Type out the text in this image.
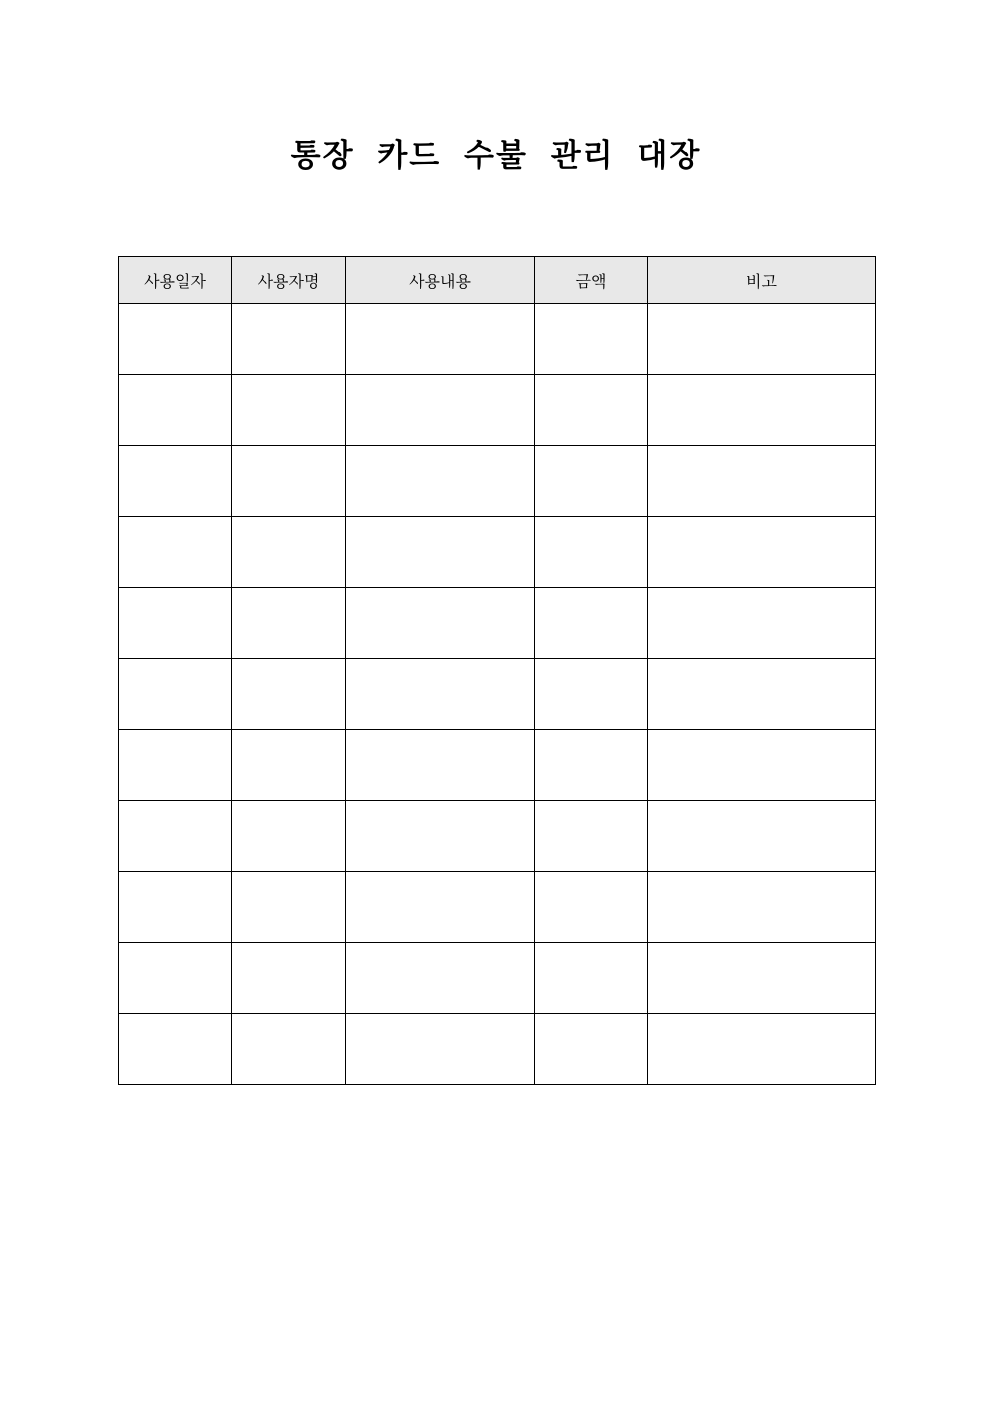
통장 카드 수불 관리 대장
사용일자	사용자명	사용내용	금액	비고
